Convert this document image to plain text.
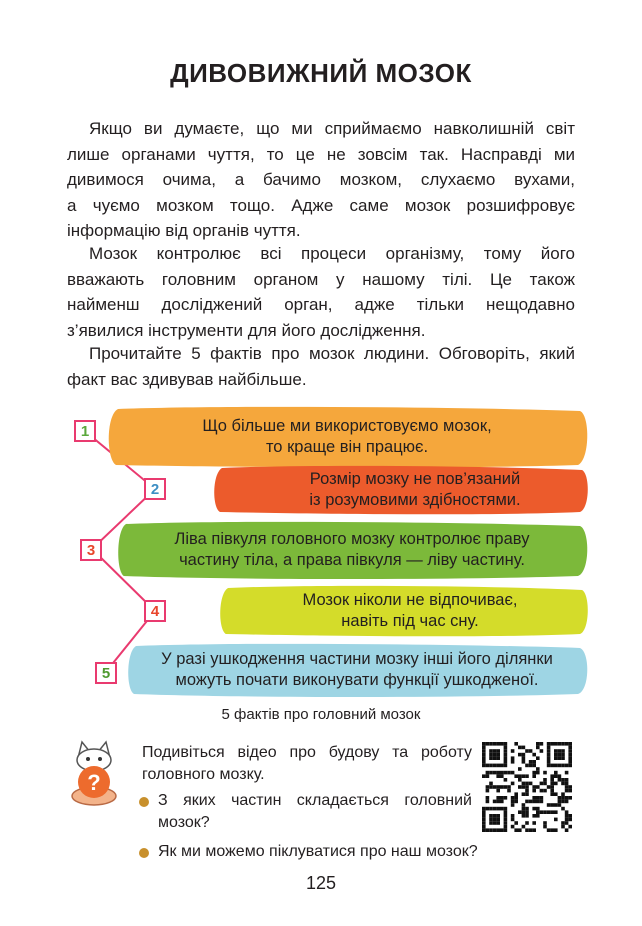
ДИВОВИЖНИЙ МОЗОК
Якщо ви думаєте, що ми сприймаємо навколишній світ
лише органами чуття, то це не зовсім так. Насправді ми
дивимося очима, а бачимо мозком, слухаємо вухами,
а чуємо мозком тощо. Адже саме мозок розшифровує
інформацію від органів чуття.
Мозок контролює всі процеси організму, тому його
вважають головним органом у нашому тілі. Це також
найменш досліджений орган, адже тільки нещодавно
з’явилися інструменти для його дослідження.
Прочитайте 5 фактів про мозок людини. Обговоріть, який
факт вас здивував найбільше.
Що більше ми використовуємо мозок,
то краще він працює.
Розмір мозку не пов’язаний
із розумовими здібностями.
Ліва півкуля головного мозку контролює праву
частину тіла, а права півкуля — ліву частину.
Мозок ніколи не відпочиває,
навіть під час сну.
У разі ушкодження частини мозку інші його ділянки
можуть почати виконувати функції ушкодженої.
1
2
3
4
5
5 фактів про головний мозок
?
Подивіться відео про будову та роботу
головного мозку.
З яких частин складається головний
мозок?
Як ми можемо піклуватися про наш мозок?
125
